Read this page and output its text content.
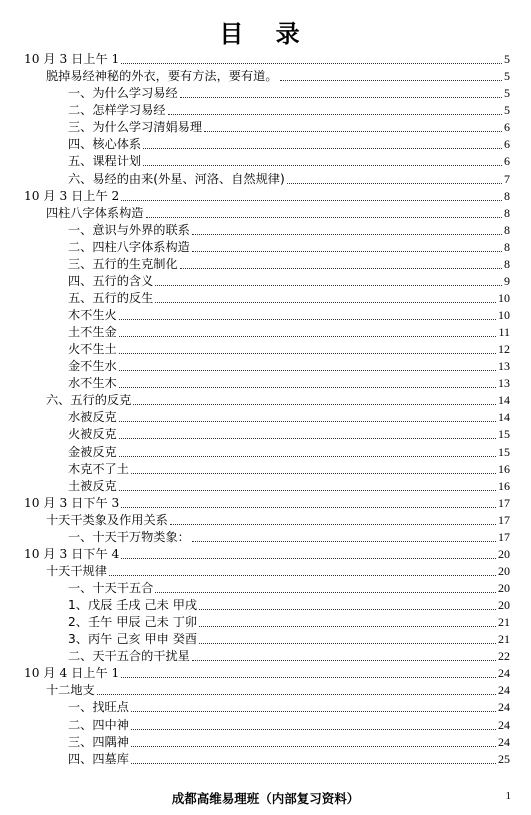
目 录
10 月 3 日上午 1	5
脱掉易经神秘的外衣，要有方法，要有道。	5
一、为什么学习易经	5
二、怎样学习易经	5
三、为什么学习清娟易理	6
四、核心体系	6
五、课程计划	6
六、易经的由来(外星、河洛、自然规律)	7
10 月 3 日上午 2	8
四柱八字体系构造	8
一、意识与外界的联系	8
二、四柱八字体系构造	8
三、五行的生克制化	8
四、五行的含义	9
五、五行的反生	10
木不生火	10
土不生金	11
火不生土	12
金不生水	13
水不生木	13
六、五行的反克	14
水被反克	14
火被反克	15
金被反克	15
木克不了土	16
土被反克	16
10 月 3 日下午 3	17
十天干类象及作用关系	17
一、十天干万物类象：	17
10 月 3 日下午 4	20
十天干规律	20
一、十天干五合	20
1、戊辰 壬戌 己未 甲戌	20
2、壬午 甲辰 己未 丁卯	21
3、丙午 己亥 甲申 癸酉	21
二、天干五合的干扰星	22
10 月 4 日上午 1	24
十二地支	24
一、找旺点	24
二、四中神	24
三、四隅神	24
四、四墓库	25
成都高维易理班（内部复习资料）	1
